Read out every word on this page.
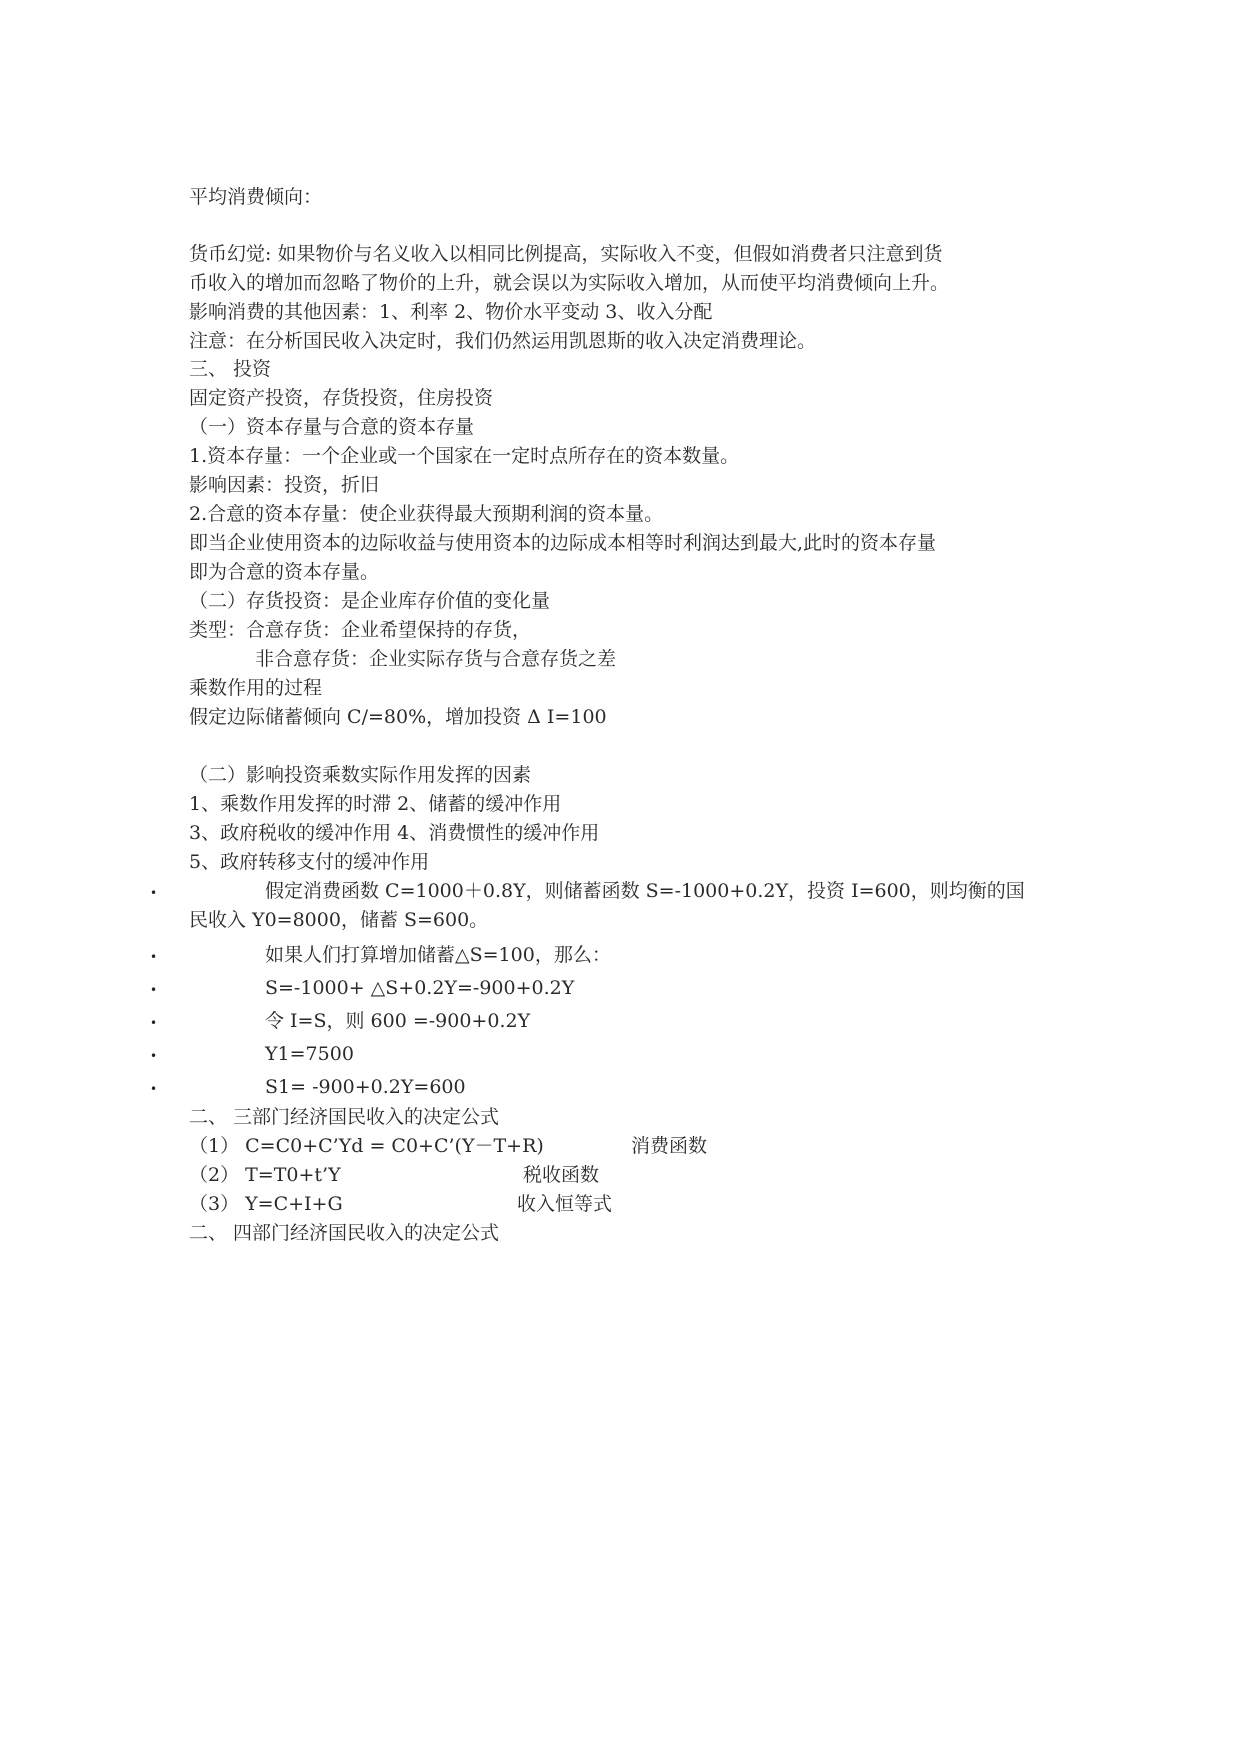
平均消费倾向：
货币幻觉: 如果物价与名义收入以相同比例提高，实际收入不变，但假如消费者只注意到货
币收入的增加而忽略了物价的上升，就会误以为实际收入增加，从而使平均消费倾向上升。
影响消费的其他因素：1、利率 2、物价水平变动 3、收入分配
注意：在分析国民收入决定时，我们仍然运用凯恩斯的收入决定消费理论。
三、 投资
固定资产投资，存货投资，住房投资
（一）资本存量与合意的资本存量
1.资本存量：一个企业或一个国家在一定时点所存在的资本数量。
影响因素：投资，折旧
2.合意的资本存量：使企业获得最大预期利润的资本量。
即当企业使用资本的边际收益与使用资本的边际成本相等时利润达到最大,此时的资本存量
即为合意的资本存量。
（二）存货投资：是企业库存价值的变化量
类型：合意存货：企业希望保持的存货，
非合意存货：企业实际存货与合意存货之差
乘数作用的过程
假定边际储蓄倾向 C/=80%，增加投资 Δ I=100
（二）影响投资乘数实际作用发挥的因素
1、乘数作用发挥的时滞 2、储蓄的缓冲作用
3、政府税收的缓冲作用 4、消费惯性的缓冲作用
5、政府转移支付的缓冲作用
•	假定消费函数 C=1000＋0.8Y，则储蓄函数 S=-1000+0.2Y，投资 I=600，则均衡的国
民收入 Y0=8000，储蓄 S=600。
•	如果人们打算增加储蓄△S=100，那么：
•	S=-1000+ △S+0.2Y=-900+0.2Y
•	令 I=S，则 600 =-900+0.2Y
•	Y1=7500
•	S1= -900+0.2Y=600
二、 三部门经济国民收入的决定公式
（1） C=C0+C’Yd = C0+C’(Y－T+R)	消费函数
（2） T=T0+t’Y	税收函数
（3） Y=C+I+G	收入恒等式
二、 四部门经济国民收入的决定公式
